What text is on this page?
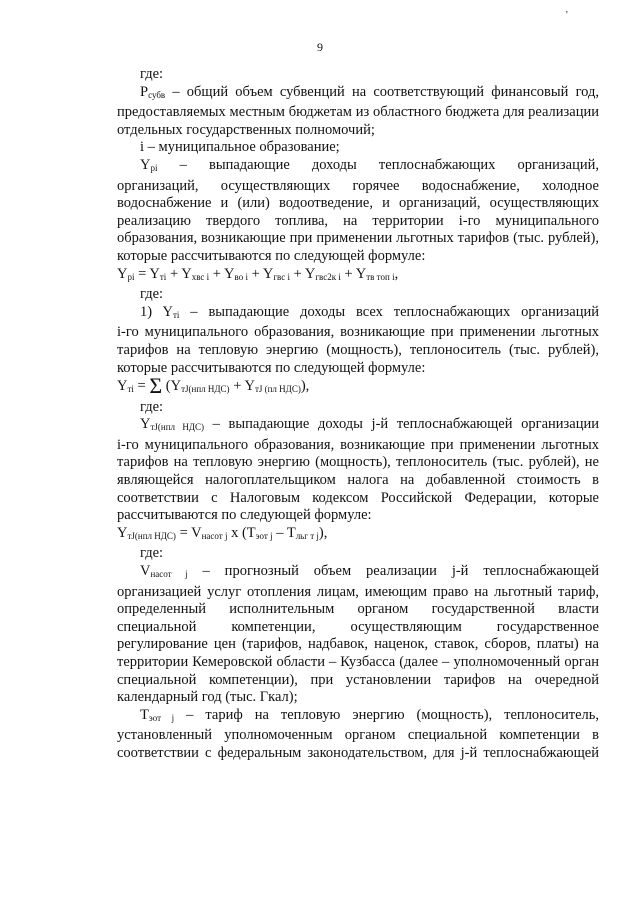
9
'

где:

$Р_{субв}$ – общий объем субвенций на соответствующий финансовый год,

предоставляемых местным бюджетам из областного бюджета для реализации

отдельных государственных полномочий;

i – муниципальное образование;

$Y_{pi}$ – выпадающие доходы теплоснабжающих организаций,

организаций, осуществляющих горячее водоснабжение, холодное

водоснабжение и (или) водоотведение, и организаций, осуществляющих

реализацию твердого топлива, на территории i-го муниципального

образования, возникающие при применении льготных тарифов (тыс. рублей),

которые рассчитываются по следующей формуле:

$Y_{pi} = Y_{тi} + Y_{хвс i} + Y_{во i} + Y_{гвс i} + Y_{гвс2к i} + Y_{тв топ i}$,

где:

1) $Y_{тi}$ – выпадающие доходы всех теплоснабжающих организаций

i-го муниципального образования, возникающие при применении льготных

тарифов на тепловую энергию (мощность), теплоноситель (тыс. рублей),

которые рассчитываются по следующей формуле:

$Y_{тi} = \Sigma$ $(Y_{тJ(нпл НДС)} + Y_{тJ (пл НДС)})$,

где:

$Y_{тJ(нпл НДС)}$ – выпадающие доходы j-й теплоснабжающей организации

i-го муниципального образования, возникающие при применении льготных

тарифов на тепловую энергию (мощность), теплоноситель (тыс. рублей), не

являющейся налогоплательщиком налога на добавленной стоимость в

соответствии с Налоговым кодексом Российской Федерации, которые

рассчитываются по следующей формуле:

$Y_{тJ(нпл НДС)} = V_{насот j}$ x $(T_{эот j} - T_{льг т j})$,

где:

$V_{насот j}$ – прогнозный объем реализации j-й теплоснабжающей

организацией услуг отопления лицам, имеющим право на льготный тариф,

определенный исполнительным органом государственной власти

специальной компетенции, осуществляющим государственное

регулирование цен (тарифов, надбавок, наценок, ставок, сборов, платы) на

территории Кемеровской области – Кузбасса (далее – уполномоченный орган

специальной компетенции), при установлении тарифов на очередной

календарный год (тыс. Гкал);

$T_{эот j}$ – тариф на тепловую энергию (мощность), теплоноситель,

установленный уполномоченным органом специальной компетенции в

соответствии с федеральным законодательством, для j-й теплоснабжающей
